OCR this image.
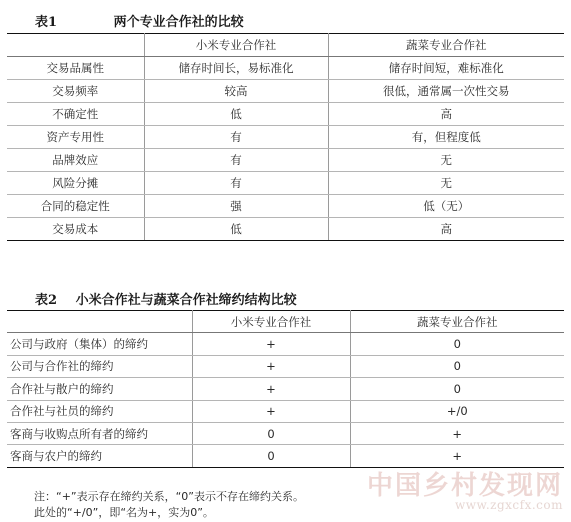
表1	两个专业合作社的比较
	小米专业合作社	蔬菜专业合作社
交易品属性	储存时间长，易标准化	储存时间短，难标准化
交易频率	较高	很低，通常属一次性交易
不确定性	低	高
资产专用性	有	有，但程度低
品牌效应	有	无
风险分摊	有	无
合同的稳定性	强	低（无）
交易成本	低	高
表2 小米合作社与蔬菜合作社缔约结构比较
	小米专业合作社	蔬菜专业合作社
公司与政府（集体）的缔约	+	0
公司与合作社的缔约	+	0
合作社与散户的缔约	+	0
合作社与社员的缔约	+	+/0
客商与收购点所有者的缔约	0	+
客商与农户的缔约	0	+
注：“+”表示存在缔约关系，“0”表示不存在缔约关系。
此处的“+/0”，即“名为+，实为0”。
中国乡村发现网
www.zgxcfx.com
